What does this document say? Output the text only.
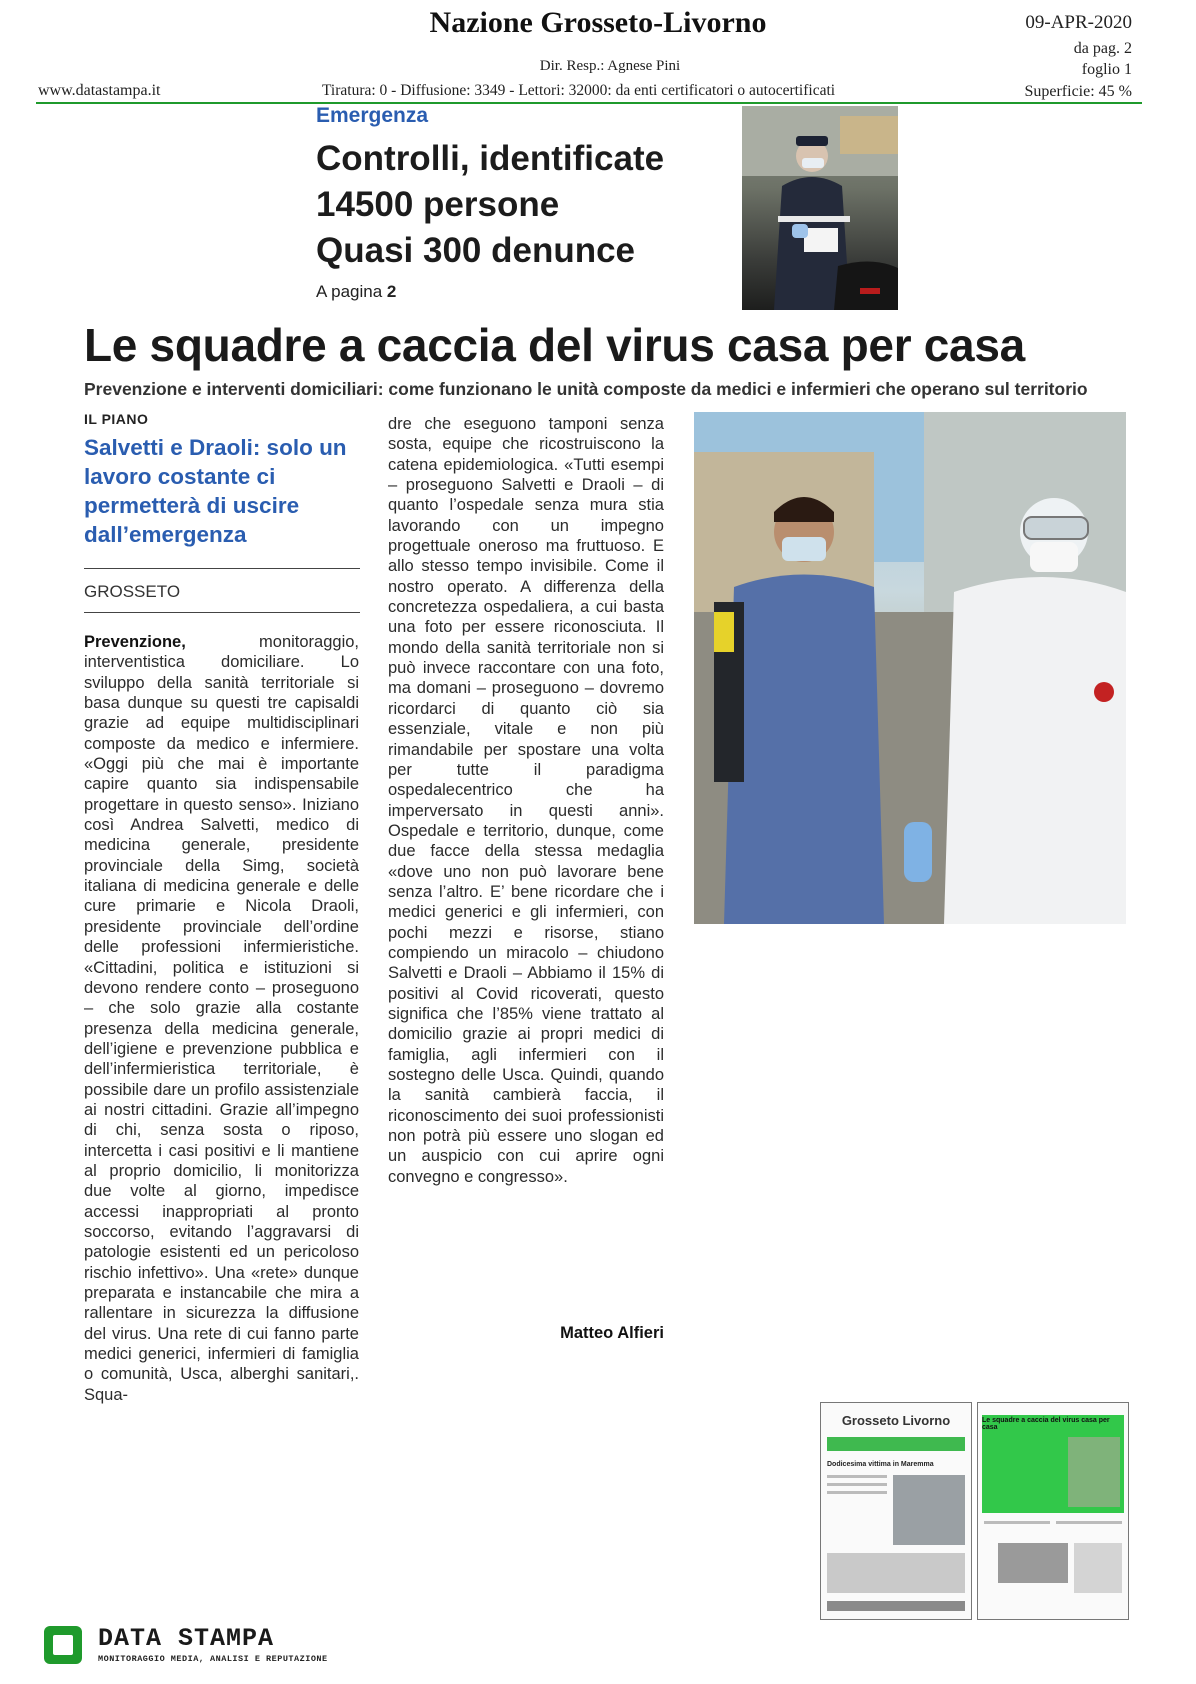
Nazione Grosseto-Livorno	09-APR-2020
da pag. 2
foglio 1
Superficie: 45 %
Dir. Resp.: Agnese Pini
www.datastampa.it	Tiratura: 0 - Diffusione: 3349 - Lettori: 32000: da enti certificatori o autocertificati
Emergenza
Controlli, identificate
14500 persone
Quasi 300 denunce
A pagina 2
Le squadre a caccia del virus casa per casa
Prevenzione e interventi domiciliari: come funzionano le unità composte da medici e infermieri che operano sul territorio
IL PIANO
Salvetti e Draoli: solo un lavoro costante ci permetterà di uscire dall’emergenza
GROSSETO

Prevenzione, monitoraggio, interventistica domiciliare. Lo sviluppo della sanità territoriale si basa dunque su questi tre capisaldi grazie ad equipe multidisciplinari composte da medico e infermiere. «Oggi più che mai è importante capire quanto sia indispensabile progettare in questo senso». Iniziano così Andrea Salvetti, medico di medicina generale, presidente provinciale della Simg, società italiana di medicina generale e delle cure primarie e Nicola Draoli, presidente provinciale dell’ordine delle professioni infermieristiche. «Cittadini, politica e istituzioni si devono rendere conto – proseguono – che solo grazie alla costante presenza della medicina generale, dell’igiene e prevenzione pubblica e dell’infermieristica territoriale, è possibile dare un profilo assistenziale ai nostri cittadini. Grazie all’impegno di chi, senza sosta o riposo, intercetta i casi positivi e li mantiene al proprio domicilio, li monitorizza due volte al giorno, impedisce accessi inappropriati al pronto soccorso, evitando l’aggravarsi di patologie esistenti ed un pericoloso rischio infettivo». Una «rete» dunque preparata e instancabile che mira a rallentare in sicurezza la diffusione del virus. Una rete di cui fanno parte medici generici, infermieri di famiglia o comunità, Usca, alberghi sanitari,. Squa-

dre che eseguono tamponi senza sosta, equipe che ricostruiscono la catena epidemiologica. «Tutti esempi – proseguono Salvetti e Draoli – di quanto l’ospedale senza mura stia lavorando con un impegno progettuale oneroso ma fruttuoso. E allo stesso tempo invisibile. Come il nostro operato. A differenza della concretezza ospedaliera, a cui basta una foto per essere riconosciuta. Il mondo della sanità territoriale non si può invece raccontare con una foto, ma domani – proseguono – dovremo ricordarci di quanto ciò sia essenziale, vitale e non più rimandabile per spostare una volta per tutte il paradigma ospedalecentrico che ha imperversato in questi anni». Ospedale e territorio, dunque, come due facce della stessa medaglia «dove uno non può lavorare bene senza l’altro. E’ bene ricordare che i medici generici e gli infermieri, con pochi mezzi e risorse, stiano compiendo un miracolo – chiudono Salvetti e Draoli – Abbiamo il 15% di positivi al Covid ricoverati, questo significa che l’85% viene trattato al domicilio grazie ai propri medici di famiglia, agli infermieri con il sostegno delle Usca. Quindi, quando la sanità cambierà faccia, il riconoscimento dei suoi professionisti non potrà più essere uno slogan ed un auspicio con cui aprire ogni convegno e congresso».

Matteo Alfieri
Grosseto Livorno
Dodicesima vittima in Maremma
Le squadre a caccia del virus casa per casa
DATA STAMPA
MONITORAGGIO MEDIA, ANALISI E REPUTAZIONE
